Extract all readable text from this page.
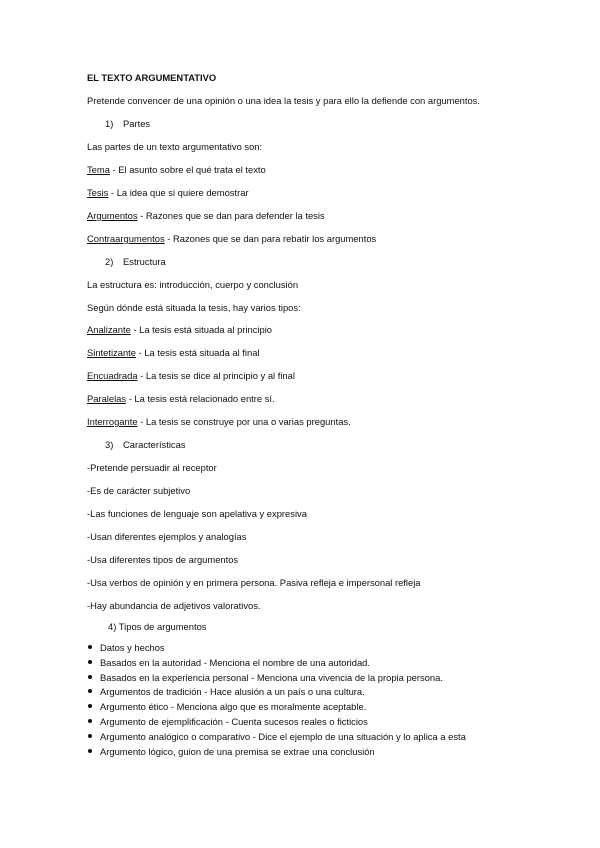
EL TEXTO ARGUMENTATIVO
Pretende convencer de una opinión o una idea la tesis y para ello la defiende con argumentos.
1) Partes
Las partes de un texto argumentativo son:
Tema - El asunto sobre el qué trata el texto
Tesis - La idea que si quiere demostrar
Argumentos - Razones que se dan para defender la tesis
Contraargumentos - Razones que se dan para rebatir los argumentos
2) Estructura
La estructura es: introducción, cuerpo y conclusión
Según dónde está situada la tesis, hay varios tipos:
Analizante - La tesis está situada al principio
Sintetizante - La tesis está situada al final
Encuadrada - La tesis se dice al principio y al final
Paralelas - La tesis está relacionado entre sí.
Interrogante - La tesis se construye por una o varias preguntas.
3) Características
-Pretende persuadir al receptor
-Es de carácter subjetivo
-Las funciones de lenguaje son apelativa y expresiva
-Usan diferentes ejemplos y analogías
-Usa diferentes tipos de argumentos
-Usa verbos de opinión y en primera persona. Pasiva refleja e impersonal refleja
-Hay abundancia de adjetivos valorativos.
4) Tipos de argumentos
Datos y hechos
Basados en la autoridad - Menciona el nombre de una autoridad.
Basados en la experiencia personal - Menciona una vivencia de la propia persona.
Argumentos de tradición - Hace alusión a un país o una cultura.
Argumento ético - Menciona algo que es moralmente aceptable.
Argumento de ejemplificación - Cuenta sucesos reales o ficticios
Argumento analógico o comparativo - Dice el ejemplo de una situación y lo aplica a esta
Argumento lógico, guion de una premisa se extrae una conclusión
